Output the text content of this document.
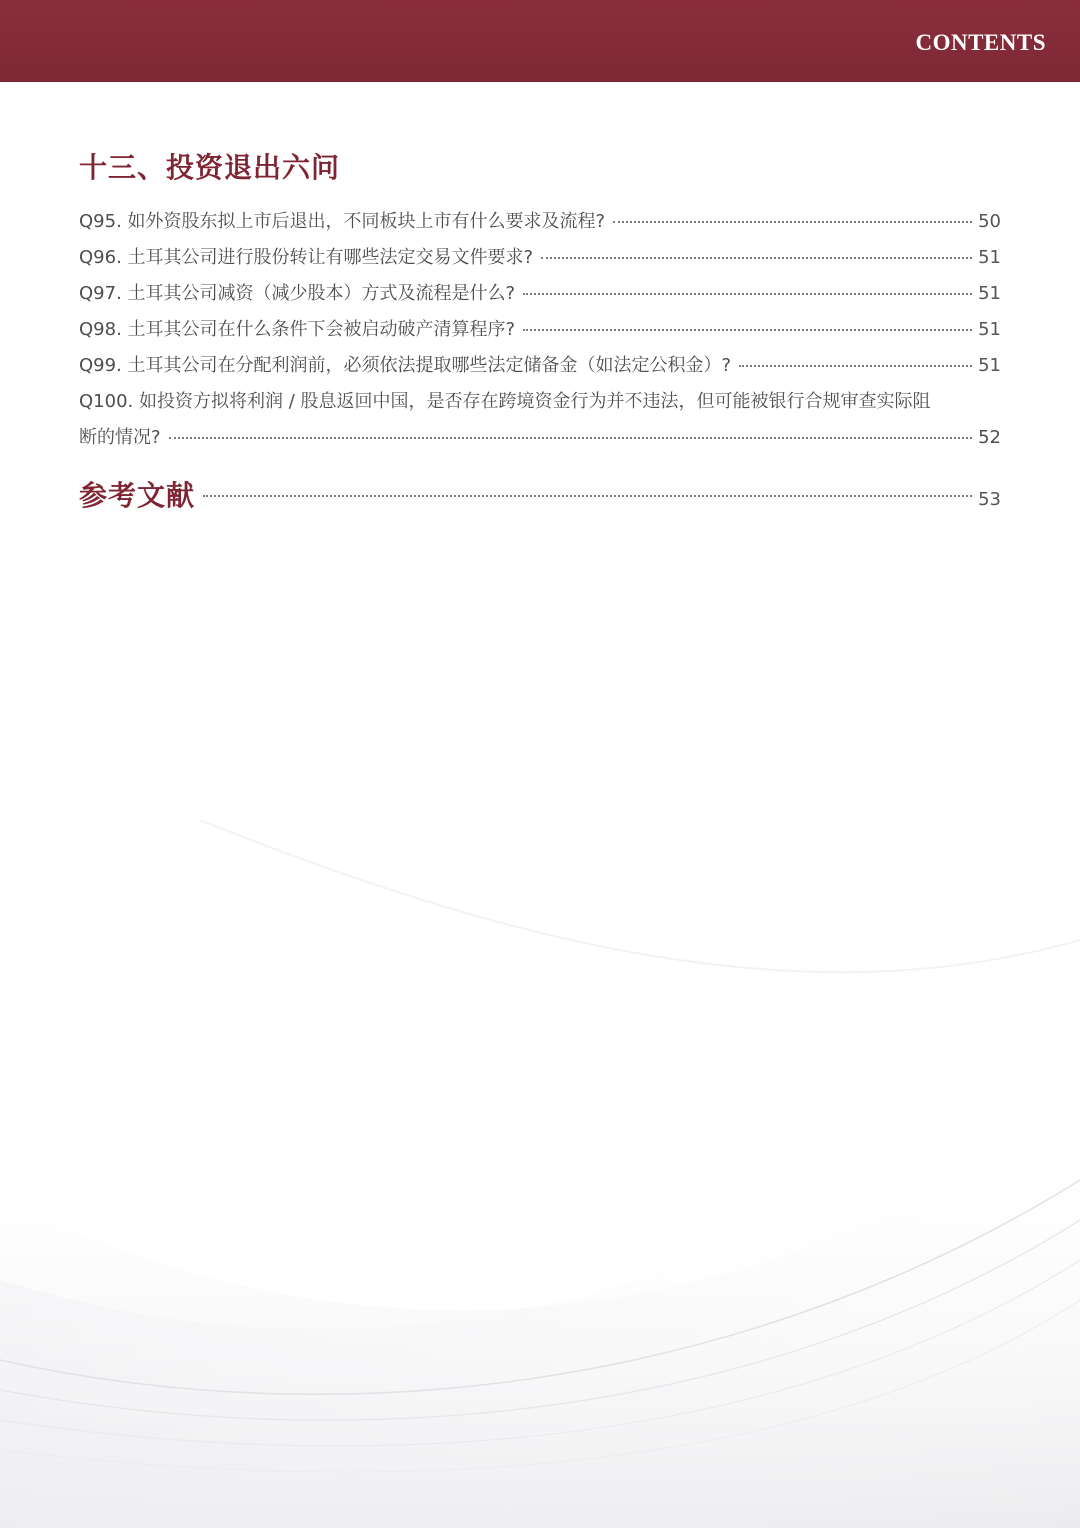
CONTENTS
十三、投资退出六问
Q95. 如外资股东拟上市后退出，不同板块上市有什么要求及流程?	50
Q96. 土耳其公司进行股份转让有哪些法定交易文件要求?	51
Q97. 土耳其公司减资（减少股本）方式及流程是什么?	51
Q98. 土耳其公司在什么条件下会被启动破产清算程序?	51
Q99. 土耳其公司在分配利润前，必须依法提取哪些法定储备金（如法定公积金）?	51
Q100. 如投资方拟将利润 / 股息返回中国，是否存在跨境资金行为并不违法，但可能被银行合规审查实际阻
断的情况?	52
参考文献	53
